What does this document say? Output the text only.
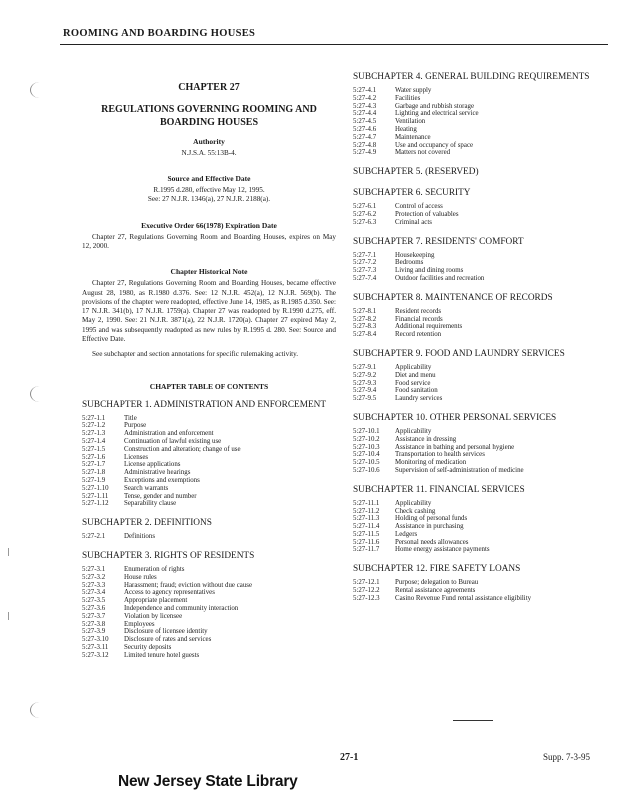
ROOMING AND BOARDING HOUSES
CHAPTER 27
REGULATIONS GOVERNING ROOMING AND BOARDING HOUSES
Authority
N.J.S.A. 55:13B-4.
Source and Effective Date
R.1995 d.280, effective May 12, 1995.
See: 27 N.J.R. 1346(a), 27 N.J.R. 2188(a).
Executive Order 66(1978) Expiration Date
Chapter 27, Regulations Governing Room and Boarding Houses, expires on May 12, 2000.
Chapter Historical Note
Chapter 27, Regulations Governing Room and Boarding Houses, became effective August 28, 1980, as R.1980 d.376. See: 12 N.J.R. 452(a), 12 N.J.R. 569(b). The provisions of the chapter were readopted, effective June 14, 1985, as R.1985 d.350. See: 17 N.J.R. 341(b), 17 N.J.R. 1759(a). Chapter 27 was readopted by R.1990 d.275, eff. May 2, 1990. See: 21 N.J.R. 3871(a), 22 N.J.R. 1720(a). Chapter 27 expired May 2, 1995 and was subsequently readopted as new rules by R.1995 d. 280. See: Source and Effective Date.
See subchapter and section annotations for specific rulemaking activity.
CHAPTER TABLE OF CONTENTS
SUBCHAPTER 1. ADMINISTRATION AND ENFORCEMENT
5:27-1.1	Title
5:27-1.2	Purpose
5:27-1.3	Administration and enforcement
5:27-1.4	Continuation of lawful existing use
5:27-1.5	Construction and alteration; change of use
5:27-1.6	Licenses
5:27-1.7	License applications
5:27-1.8	Administrative hearings
5:27-1.9	Exceptions and exemptions
5:27-1.10	Search warrants
5:27-1.11	Tense, gender and number
5:27-1.12	Separability clause
SUBCHAPTER 2. DEFINITIONS
5:27-2.1	Definitions
SUBCHAPTER 3. RIGHTS OF RESIDENTS
5:27-3.1	Enumeration of rights
5:27-3.2	House rules
5:27-3.3	Harassment; fraud; eviction without due cause
5:27-3.4	Access to agency representatives
5:27-3.5	Appropriate placement
5:27-3.6	Independence and community interaction
5:27-3.7	Violation by licensee
5:27-3.8	Employees
5:27-3.9	Disclosure of licensee identity
5:27-3.10	Disclosure of rates and services
5:27-3.11	Security deposits
5:27-3.12	Limited tenure hotel guests
SUBCHAPTER 4. GENERAL BUILDING REQUIREMENTS
5:27-4.1	Water supply
5:27-4.2	Facilities
5:27-4.3	Garbage and rubbish storage
5:27-4.4	Lighting and electrical service
5:27-4.5	Ventilation
5:27-4.6	Heating
5:27-4.7	Maintenance
5:27-4.8	Use and occupancy of space
5:27-4.9	Matters not covered
SUBCHAPTER 5. (RESERVED)
SUBCHAPTER 6. SECURITY
5:27-6.1	Control of access
5:27-6.2	Protection of valuables
5:27-6.3	Criminal acts
SUBCHAPTER 7. RESIDENTS' COMFORT
5:27-7.1	Housekeeping
5:27-7.2	Bedrooms
5:27-7.3	Living and dining rooms
5:27-7.4	Outdoor facilities and recreation
SUBCHAPTER 8. MAINTENANCE OF RECORDS
5:27-8.1	Resident records
5:27-8.2	Financial records
5:27-8.3	Additional requirements
5:27-8.4	Record retention
SUBCHAPTER 9. FOOD AND LAUNDRY SERVICES
5:27-9.1	Applicability
5:27-9.2	Diet and menu
5:27-9.3	Food service
5:27-9.4	Food sanitation
5:27-9.5	Laundry services
SUBCHAPTER 10. OTHER PERSONAL SERVICES
5:27-10.1	Applicability
5:27-10.2	Assistance in dressing
5:27-10.3	Assistance in bathing and personal hygiene
5:27-10.4	Transportation to health services
5:27-10.5	Monitoring of medication
5:27-10.6	Supervision of self-administration of medicine
SUBCHAPTER 11. FINANCIAL SERVICES
5:27-11.1	Applicability
5:27-11.2	Check cashing
5:27-11.3	Holding of personal funds
5:27-11.4	Assistance in purchasing
5:27-11.5	Ledgers
5:27-11.6	Personal needs allowances
5:27-11.7	Home energy assistance payments
SUBCHAPTER 12. FIRE SAFETY LOANS
5:27-12.1	Purpose; delegation to Bureau
5:27-12.2	Rental assistance agreements
5:27-12.3	Casino Revenue Fund rental assistance eligibility
27-1	Supp. 7-3-95
New Jersey State Library
